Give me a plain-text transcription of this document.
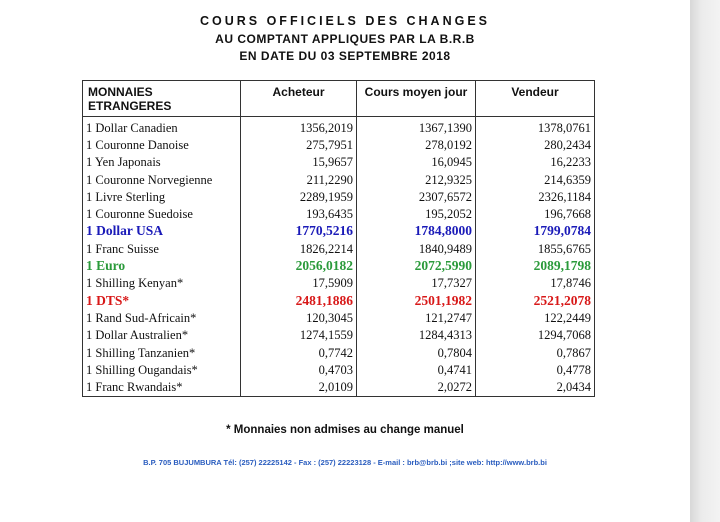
COURS OFFICIELS DES CHANGES
AU COMPTANT APPLIQUES PAR LA B.R.B
EN DATE DU 03 SEPTEMBRE 2018
MONNAIES ETRANGERES	Acheteur	Cours moyen jour	Vendeur

1 Dollar Canadien	1356,2019	1367,1390	1378,0761
1 Couronne Danoise	275,7951	278,0192	280,2434
1 Yen Japonais	15,9657	16,0945	16,2233
1 Couronne Norvegienne	211,2290	212,9325	214,6359
1 Livre Sterling	2289,1959	2307,6572	2326,1184
1 Couronne Suedoise	193,6435	195,2052	196,7668
1 Dollar USA	1770,5216	1784,8000	1799,0784
1 Franc Suisse	1826,2214	1840,9489	1855,6765
1 Euro	2056,0182	2072,5990	2089,1798
1 Shilling Kenyan*	17,5909	17,7327	17,8746
1 DTS*	2481,1886	2501,1982	2521,2078
1 Rand Sud-Africain*	120,3045	121,2747	122,2449
1 Dollar Australien*	1274,1559	1284,4313	1294,7068
1 Shilling Tanzanien*	0,7742	0,7804	0,7867
1 Shilling Ougandais*	0,4703	0,4741	0,4778
1 Franc Rwandais*	2,0109	2,0272	2,0434
* Monnaies non admises au change manuel
B.P. 705 BUJUMBURA Tél: (257) 22225142 - Fax : (257) 22223128 - E-mail : brb@brb.bi ;site web: http://www.brb.bi
